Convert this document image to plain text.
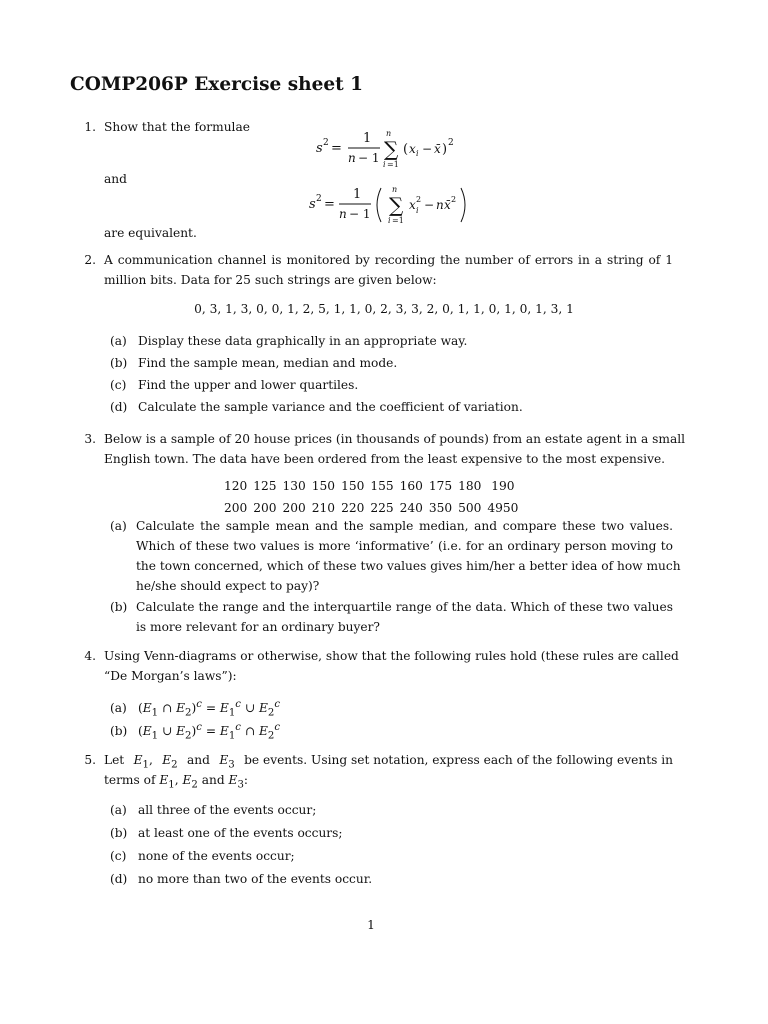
COMP206P Exercise sheet 1
1. Show that the formulae
s 2 =
1
n − 1
n
∑
i =1
( x i − x̄ ) 2
and
s 2 =
1
n − 1
n
∑
i =1
x 2
i − n x̄ 2
are equivalent.
2. A communication channel is monitored by recording the number of errors in a string of 1
million bits. Data for 25 such strings are given below:
0, 3, 1, 3, 0, 0, 1, 2, 5, 1, 1, 0, 2, 3, 3, 2, 0, 1, 1, 0, 1, 0, 1, 3, 1
(a) Display these data graphically in an appropriate way.
(b) Find the sample mean, median and mode.
(c) Find the upper and lower quartiles.
(d) Calculate the sample variance and the coefficient of variation.
3. Below is a sample of 20 house prices (in thousands of pounds) from an estate agent in a small
English town. The data have been ordered from the least expensive to the most expensive.
120	125	130	150	150	155	160	175	180	190
200	200	200	210	220	225	240	350	500	4950
(a) Calculate the sample mean and the sample median, and compare these two values.
Which of these two values is more ‘informative’ (i.e. for an ordinary person moving to
the town concerned, which of these two values gives him/her a better idea of how much
he/she should expect to pay)?
(b) Calculate the range and the interquartile range of the data. Which of these two values
is more relevant for an ordinary buyer?
4. Using Venn-diagrams or otherwise, show that the following rules hold (these rules are called
“De Morgan’s laws”):
(a) ($E_1$ ∩ $E_2)^c = E_1^c$ ∪ $E_2^c$
(b) ($E_1$ ∪ $E_2)^c = E_1^c$ ∩ $E_2^c$
5. Let $E_1$, $E_2$ and $E_3$ be events. Using set notation, express each of the following events in
terms of $E_1$, $E_2$ and $E_3$:
(a) all three of the events occur;
(b) at least one of the events occurs;
(c) none of the events occur;
(d) no more than two of the events occur.
1
